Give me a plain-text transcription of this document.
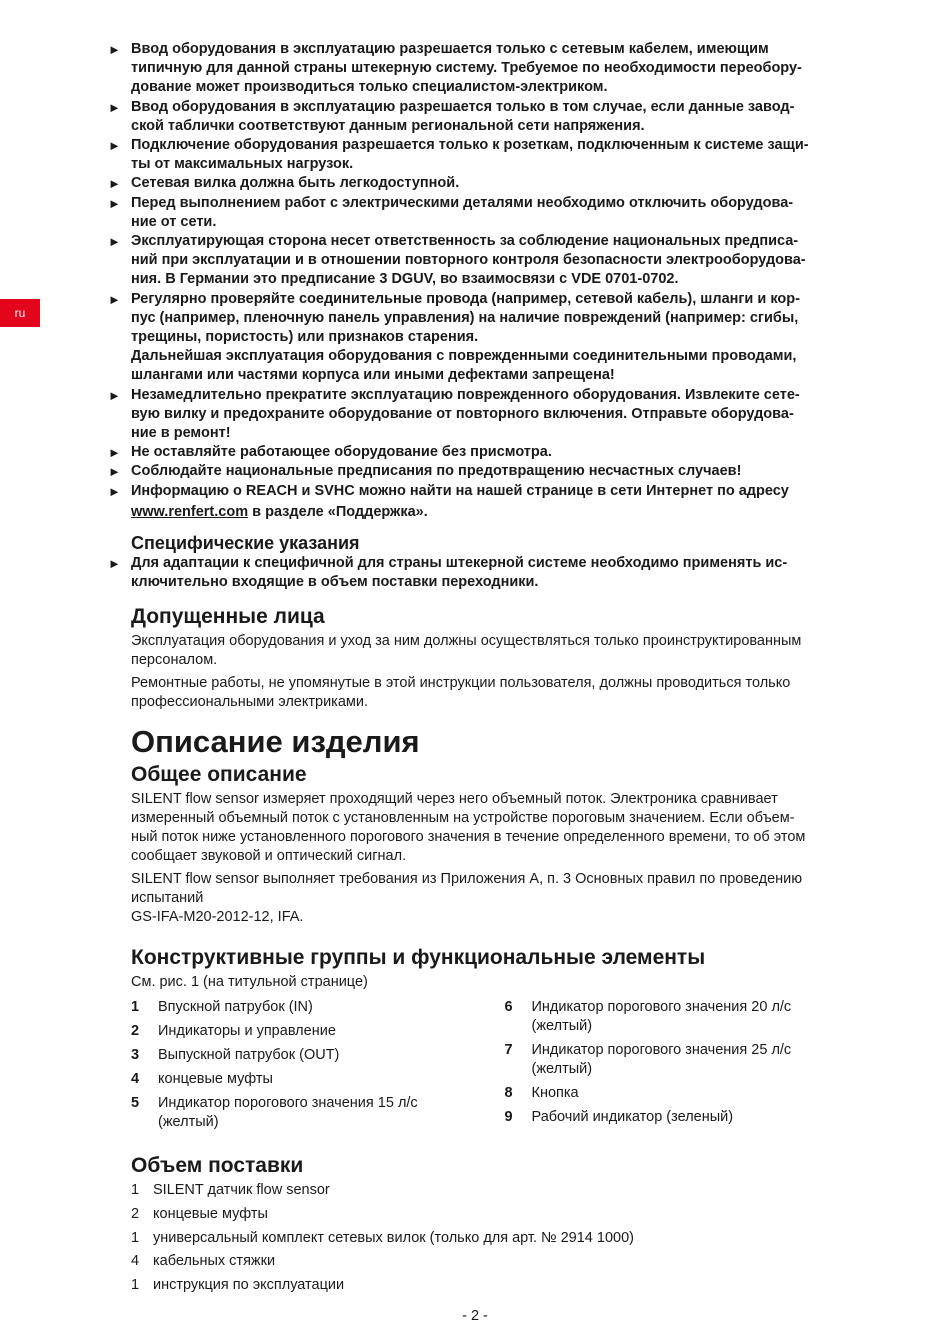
ru
► Ввод оборудования в эксплуатацию разрешается только с сетевым кабелем, имеющим
типичную для данной страны штекерную систему. Требуемое по необходимости переобору-
дование может производиться только специалистом-электриком.
► Ввод оборудования в эксплуатацию разрешается только в том случае, если данные завод-
ской таблички соответствуют данным региональной сети напряжения.
► Подключение оборудования разрешается только к розеткам, подключенным к системе защи-
ты от максимальных нагрузок.
► Сетевая вилка должна быть легкодоступной.
► Перед выполнением работ с электрическими деталями необходимо отключить оборудова-
ние от сети.
► Эксплуатирующая сторона несет ответственность за соблюдение национальных предписа-
ний при эксплуатации и в отношении повторного контроля безопасности электрооборудова-
ния. В Германии это предписание 3 DGUV, во взаимосвязи с VDE 0701-0702.
► Регулярно проверяйте соединительные провода (например, сетевой кабель), шланги и кор-
пус (например, пленочную панель управления) на наличие повреждений (например: сгибы,
трещины, пористость) или признаков старения.
Дальнейшая эксплуатация оборудования с поврежденными соединительными проводами,
шлангами или частями корпуса или иными дефектами запрещена!
► Незамедлительно прекратите эксплуатацию поврежденного оборудования. Извлеките сете-
вую вилку и предохраните оборудование от повторного включения. Отправьте оборудова-
ние в ремонт!
► Не оставляйте работающее оборудование без присмотра.
► Соблюдайте национальные предписания по предотвращению несчастных случаев!
► Информацию о REACH и SVHC можно найти на нашей странице в сети Интернет по адресу
www.renfert.com в разделе «Поддержка».
Специфические указания
► Для адаптации к специфичной для страны штекерной системе необходимо применять ис-
ключительно входящие в объем поставки переходники.
Допущенные лица

Эксплуатация оборудования и уход за ним должны осуществляться только проинструктированным
персоналом.

Ремонтные работы, не упомянутые в этой инструкции пользователя, должны проводиться только
профессиональными электриками.

Описание изделия
Общее описание

SILENT flow sensor измеряет проходящий через него объемный поток. Электроника сравнивает
измеренный объемный поток с установленным на устройстве пороговым значением. Если объем-
ный поток ниже установленного порогового значения в течение определенного времени, то об этом
сообщает звуковой и оптический сигнал.

SILENT flow sensor выполняет требования из Приложения A, п. 3 Основных правил по проведению
испытаний
GS-IFA-M20-2012-12, IFA.

Конструктивные группы и функциональные элементы

См. рис. 1 (на титульной странице)

1	Впускной патрубок (IN)
2	Индикаторы и управление
3	Выпускной патрубок (OUT)
4	концевые муфты
5	Индикатор порогового значения 15 л/с
(желтый)
6	Индикатор порогового значения 20 л/с
(желтый)
7	Индикатор порогового значения 25 л/с
(желтый)
8	Кнопка
9	Рабочий индикатор (зеленый)
Объем поставки
1 SILENT датчик flow sensor
2 концевые муфты
1 универсальный комплект сетевых вилок (только для арт. № 2914 1000)
4 кабельных стяжки
1 инструкция по эксплуатации
- 2 -
